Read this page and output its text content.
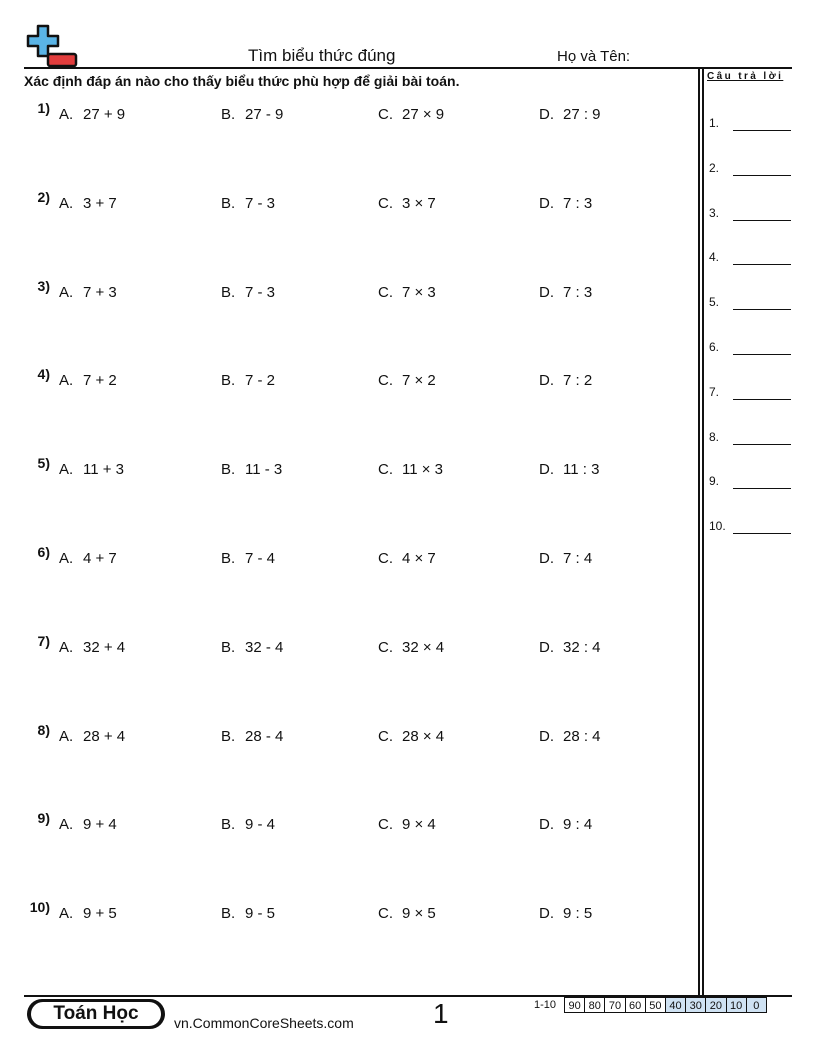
Tìm biểu thức đúng	Họ và Tên:
Xác định đáp án nào cho thấy biểu thức phù hợp để giải bài toán.	Câu trả lời
1.
2.
3.
4.
5.
6.
7.
8.
9.
10.
1) A. 27 + 9	B. 27 - 9	C. 27 × 9	D. 27 : 9
2) A. 3 + 7	B. 7 - 3	C. 3 × 7	D. 7 : 3
3) A. 7 + 3	B. 7 - 3	C. 7 × 3	D. 7 : 3
4) A. 7 + 2	B. 7 - 2	C. 7 × 2	D. 7 : 2
5) A. 11 + 3	B. 11 - 3	C. 11 × 3	D. 11 : 3
6) A. 4 + 7	B. 7 - 4	C. 4 × 7	D. 7 : 4
7) A. 32 + 4	B. 32 - 4	C. 32 × 4	D. 32 : 4
8) A. 28 + 4	B. 28 - 4	C. 28 × 4	D. 28 : 4
9) A. 9 + 4	B. 9 - 4	C. 9 × 4	D. 9 : 4
10) A. 9 + 5	B. 9 - 5	C. 9 × 5	D. 9 : 5
Toán Học	vn.CommonCoreSheets.com	1	1-10	90 80 70 60 50 40 30 20 10	0
